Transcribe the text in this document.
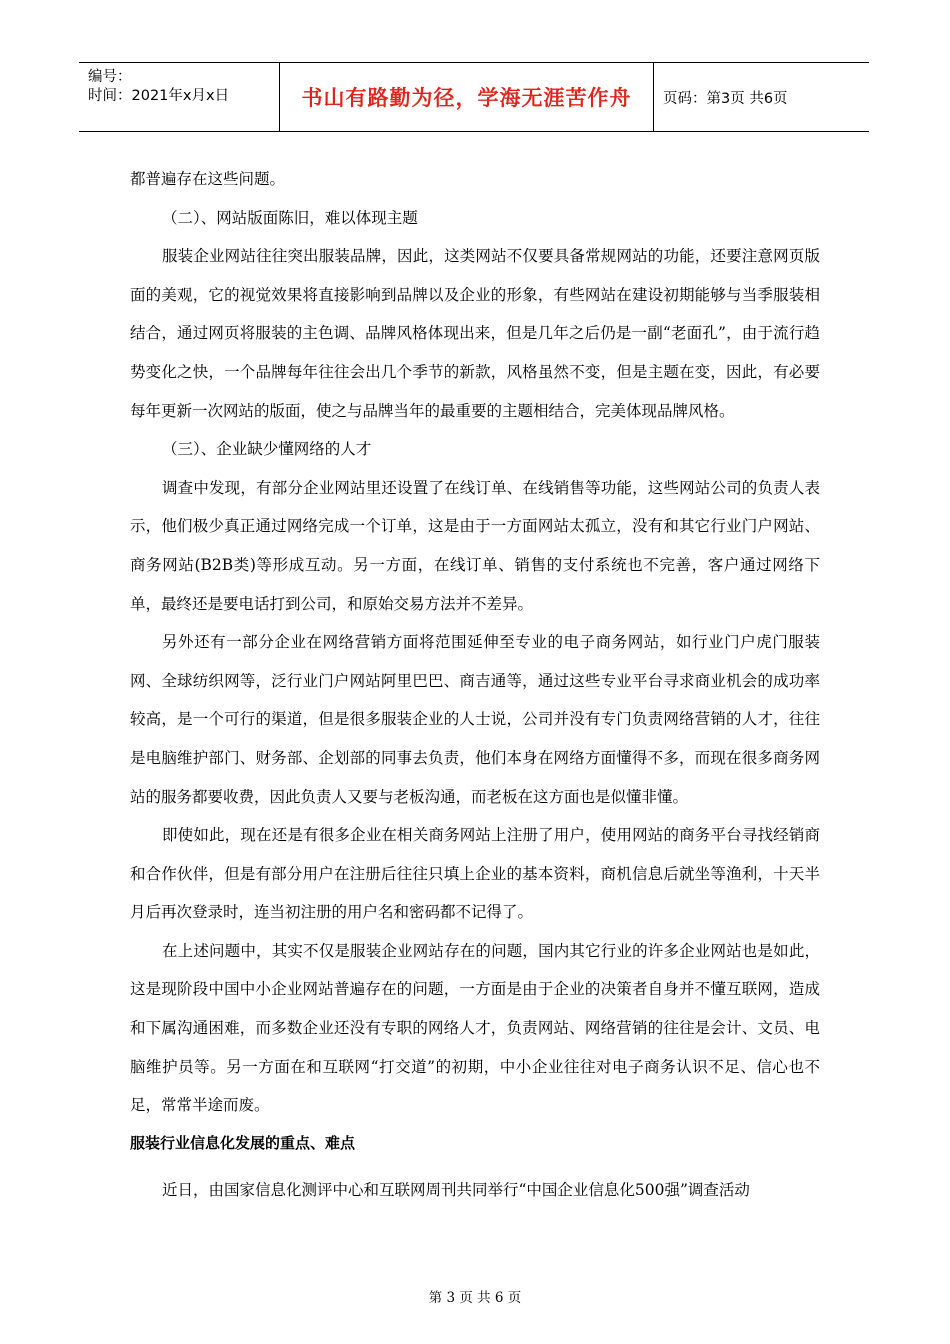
编号：
时间：2021年x月x日	书山有路勤为径，学海无涯苦作舟	页码：第3页 共6页

都普遍存在这些问题。

（二）、网站版面陈旧，难以体现主题

服装企业网站往往突出服装品牌，因此，这类网站不仅要具备常规网站的功能，还要注意网页版面的美观，它的视觉效果将直接影响到品牌以及企业的形象，有些网站在建设初期能够与当季服装相结合，通过网页将服装的主色调、品牌风格体现出来，但是几年之后仍是一副“老面孔”，由于流行趋势变化之快，一个品牌每年往往会出几个季节的新款，风格虽然不变，但是主题在变，因此，有必要每年更新一次网站的版面，使之与品牌当年的最重要的主题相结合，完美体现品牌风格。

（三）、企业缺少懂网络的人才

调查中发现，有部分企业网站里还设置了在线订单、在线销售等功能，这些网站公司的负责人表示，他们极少真正通过网络完成一个订单，这是由于一方面网站太孤立，没有和其它行业门户网站、商务网站(B2B类)等形成互动。另一方面，在线订单、销售的支付系统也不完善，客户通过网络下单，最终还是要电话打到公司，和原始交易方法并不差异。

另外还有一部分企业在网络营销方面将范围延伸至专业的电子商务网站，如行业门户虎门服装网、全球纺织网等，泛行业门户网站阿里巴巴、商吉通等，通过这些专业平台寻求商业机会的成功率较高，是一个可行的渠道，但是很多服装企业的人士说，公司并没有专门负责网络营销的人才，往往是电脑维护部门、财务部、企划部的同事去负责，他们本身在网络方面懂得不多，而现在很多商务网站的服务都要收费，因此负责人又要与老板沟通，而老板在这方面也是似懂非懂。

即使如此，现在还是有很多企业在相关商务网站上注册了用户，使用网站的商务平台寻找经销商和合作伙伴，但是有部分用户在注册后往往只填上企业的基本资料，商机信息后就坐等渔利，十天半月后再次登录时，连当初注册的用户名和密码都不记得了。

在上述问题中，其实不仅是服装企业网站存在的问题，国内其它行业的许多企业网站也是如此，这是现阶段中国中小企业网站普遍存在的问题，一方面是由于企业的决策者自身并不懂互联网，造成和下属沟通困难，而多数企业还没有专职的网络人才，负责网站、网络营销的往往是会计、文员、电脑维护员等。另一方面在和互联网“打交道”的初期，中小企业往往对电子商务认识不足、信心也不足，常常半途而废。

服装行业信息化发展的重点、难点

近日，由国家信息化测评中心和互联网周刊共同举行“中国企业信息化500强”调查活动

第 3 页 共 6 页
